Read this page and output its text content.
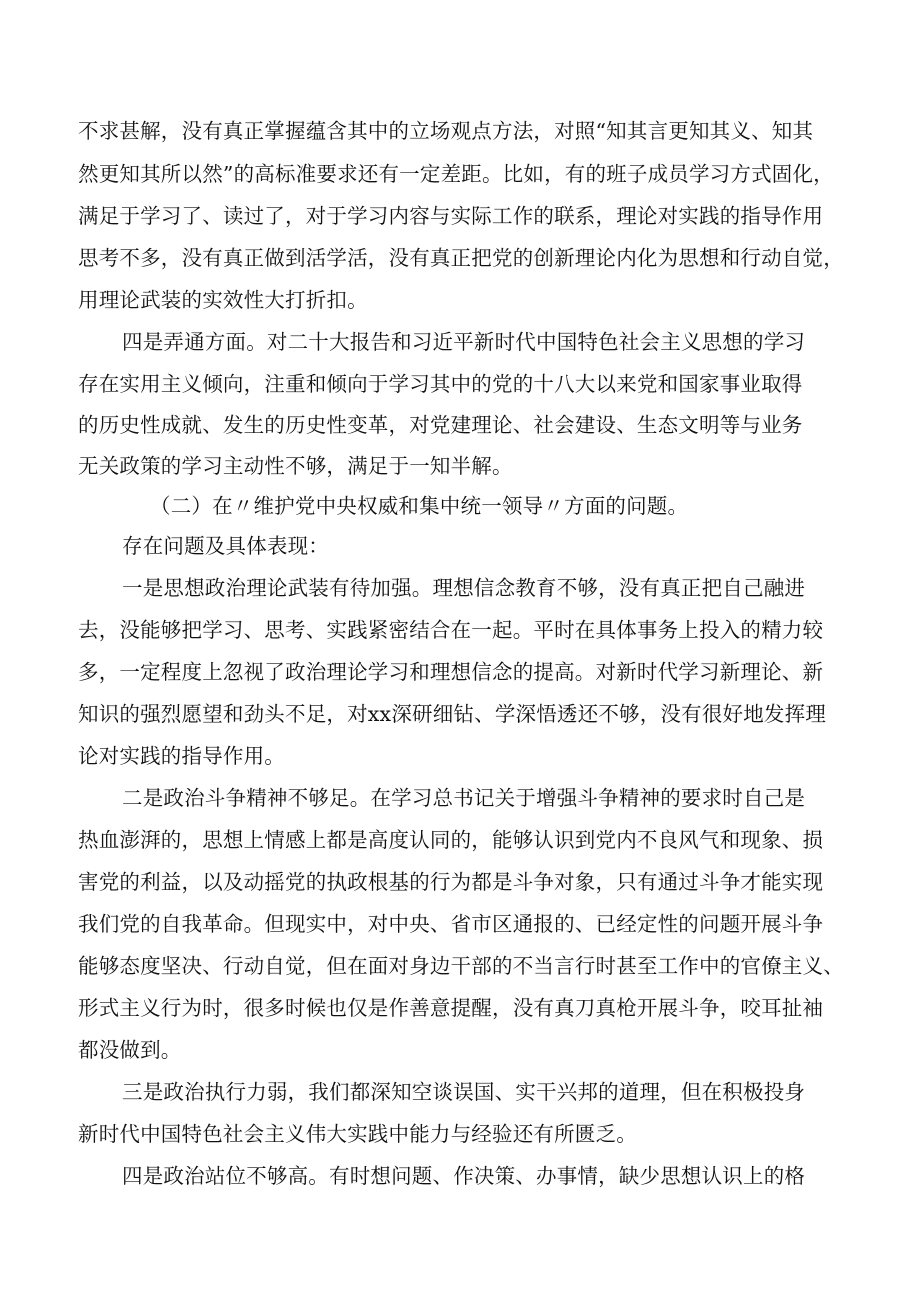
不求甚解，没有真正掌握蕴含其中的立场观点方法，对照“知其言更知其义、知其
然更知其所以然”的高标准要求还有一定差距。比如，有的班子成员学习方式固化，
满足于学习了、读过了，对于学习内容与实际工作的联系，理论对实践的指导作用
思考不多，没有真正做到活学活，没有真正把党的创新理论内化为思想和行动自觉，
用理论武装的实效性大打折扣。
四是弄通方面。对二十大报告和习近平新时代中国特色社会主义思想的学习
存在实用主义倾向，注重和倾向于学习其中的党的十八大以来党和国家事业取得
的历史性成就、发生的历史性变革，对党建理论、社会建设、生态文明等与业务
无关政策的学习主动性不够，满足于一知半解。
（二）在〃维护党中央权威和集中统一领导〃方面的问题。
存在问题及具体表现：
一是思想政治理论武装有待加强。理想信念教育不够，没有真正把自己融进
去，没能够把学习、思考、实践紧密结合在一起。平时在具体事务上投入的精力较
多，一定程度上忽视了政治理论学习和理想信念的提高。对新时代学习新理论、新
知识的强烈愿望和劲头不足，对xx深研细钻、学深悟透还不够，没有很好地发挥理
论对实践的指导作用。
二是政治斗争精神不够足。在学习总书记关于增强斗争精神的要求时自己是
热血澎湃的，思想上情感上都是高度认同的，能够认识到党内不良风气和现象、损
害党的利益，以及动摇党的执政根基的行为都是斗争对象，只有通过斗争才能实现
我们党的自我革命。但现实中，对中央、省市区通报的、已经定性的问题开展斗争
能够态度坚决、行动自觉，但在面对身边干部的不当言行时甚至工作中的官僚主义、
形式主义行为时，很多时候也仅是作善意提醒，没有真刀真枪开展斗争，咬耳扯袖
都没做到。
三是政治执行力弱，我们都深知空谈误国、实干兴邦的道理，但在积极投身
新时代中国特色社会主义伟大实践中能力与经验还有所匮乏。
四是政治站位不够高。有时想问题、作决策、办事情，缺少思想认识上的格
